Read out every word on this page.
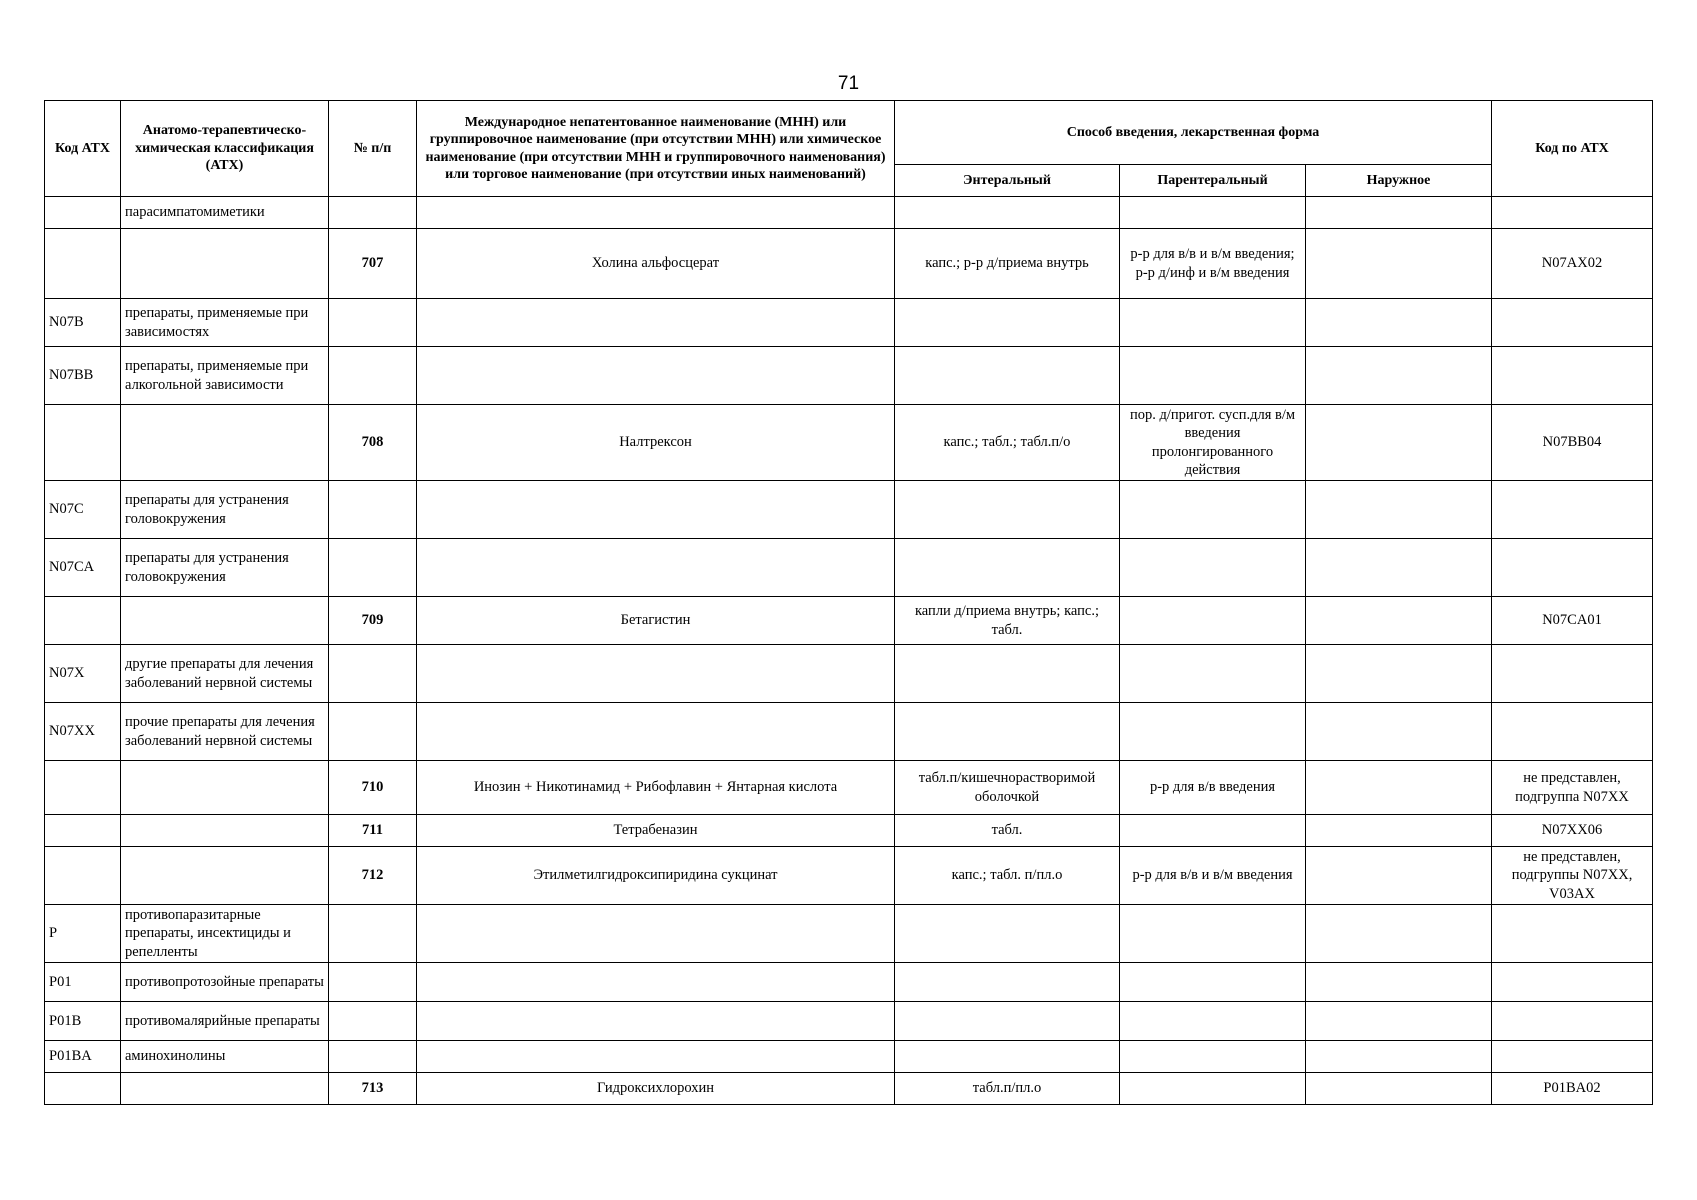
71
Код АТХ	Анатомо-терапевтическо-химическая классификация (АТХ)	№ п/п	Международное непатентованное наименование (МНН) или группировочное наименование (при отсутствии МНН) или химическое наименование (при отсутствии МНН и группировочного наименования) или торговое наименование (при отсутствии иных наименований)	Способ введения, лекарственная форма			Код по АТХ
				Энтеральный	Парентеральный	Наружное	
	парасимпатомиметики						
		707	Холина альфосцерат	капс.; р-р д/приема внутрь	р-р для в/в и в/м введения; р-р д/инф и в/м введения		N07AX02
N07B	препараты, применяемые при зависимостях						
N07BB	препараты, применяемые при алкогольной зависимости						
		708	Налтрексон	капс.; табл.; табл.п/о	пор. д/пригот. сусп.для в/м введения пролонгированного действия		N07BB04
N07C	препараты для устранения головокружения						
N07CA	препараты для устранения головокружения						
		709	Бетагистин	капли д/приема внутрь; капс.; табл.			N07CA01
N07X	другие препараты для лечения заболеваний нервной системы						
N07XX	прочие препараты для лечения заболеваний нервной системы						
		710	Инозин + Никотинамид + Рибофлавин + Янтарная кислота	табл.п/кишечнорастворимой оболочкой	р-р для в/в введения		не представлен, подгруппа N07XX
		711	Тетрабеназин	табл.			N07XX06
		712	Этилметилгидроксипиридина сукцинат	капс.; табл. п/пл.о	р-р для в/в и в/м введения		не представлен, подгруппы N07XX, V03AX
P	противопаразитарные препараты, инсектициды и репелленты						
P01	противопротозойные препараты						
P01B	противомалярийные препараты						
P01BA	аминохинолины						
		713	Гидроксихлорохин	табл.п/пл.о			P01BA02
